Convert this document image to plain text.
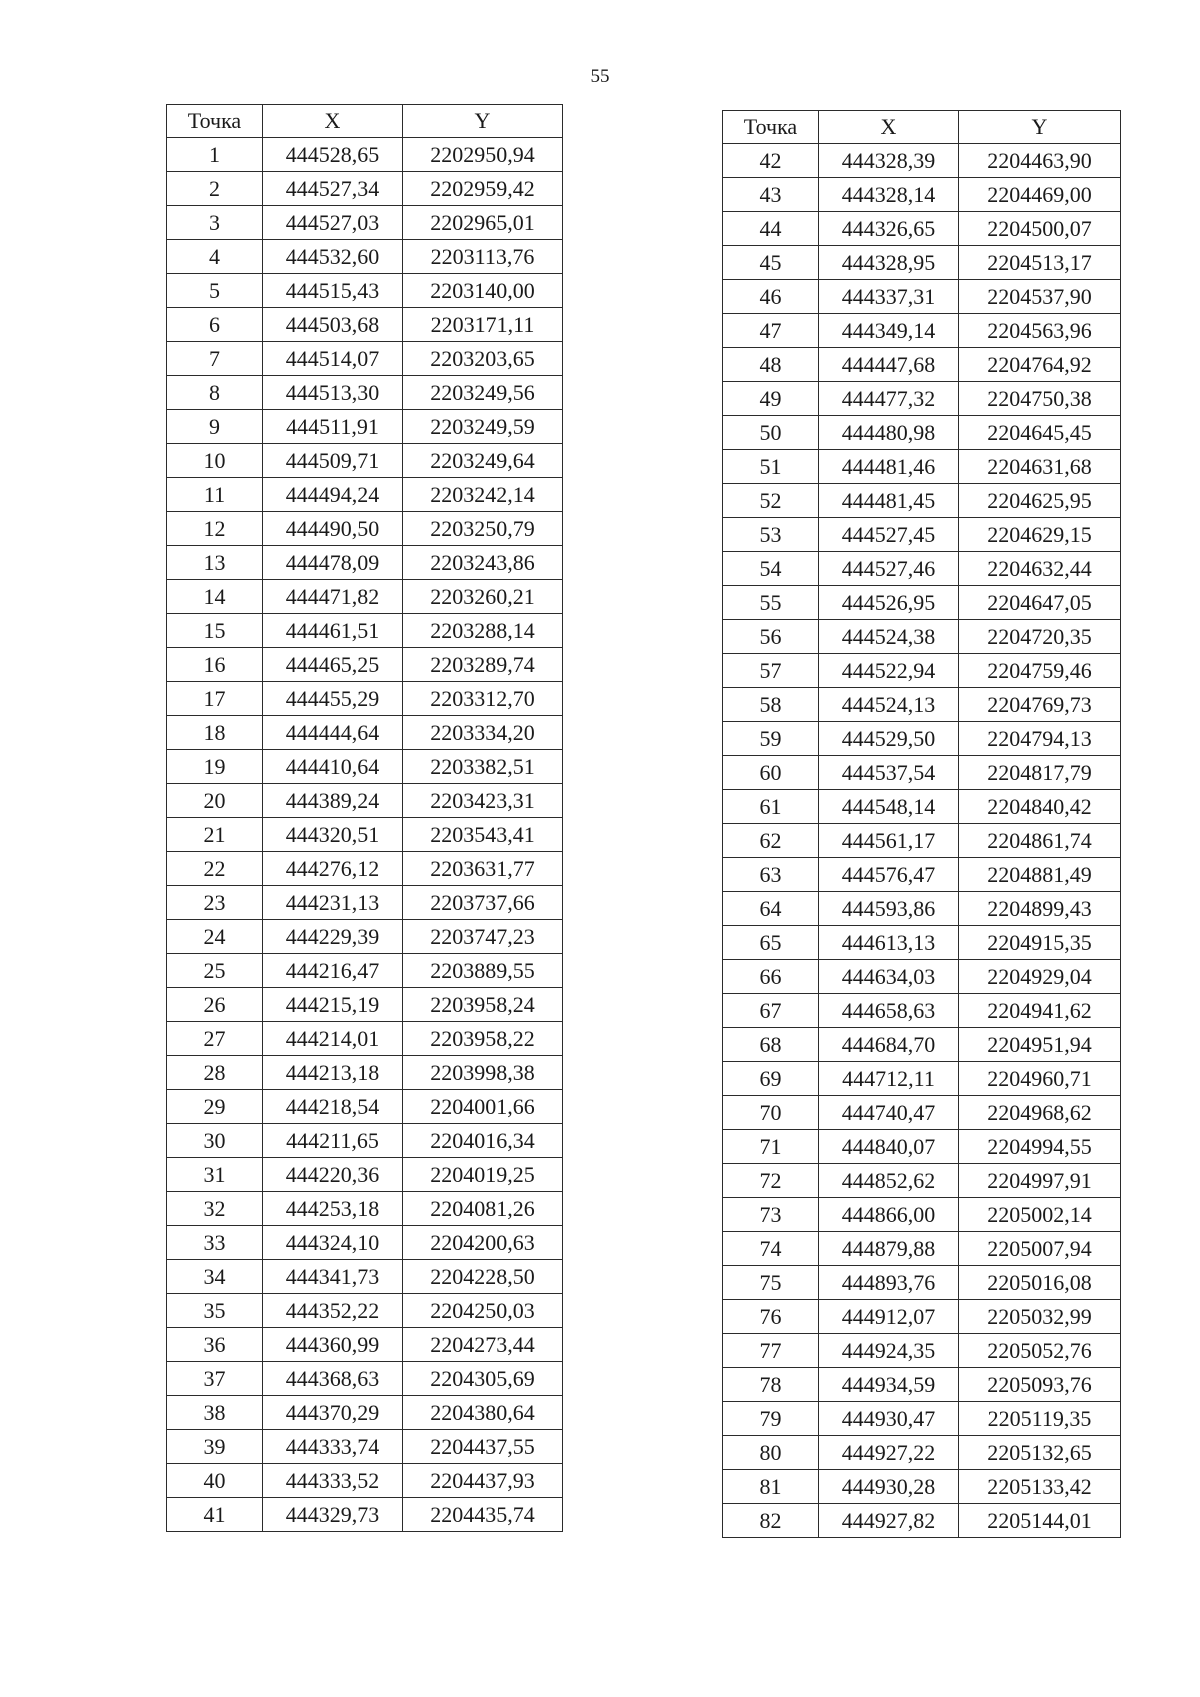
55
Точка	X	Y
1	444528,65	2202950,94
2	444527,34	2202959,42
3	444527,03	2202965,01
4	444532,60	2203113,76
5	444515,43	2203140,00
6	444503,68	2203171,11
7	444514,07	2203203,65
8	444513,30	2203249,56
9	444511,91	2203249,59
10	444509,71	2203249,64
11	444494,24	2203242,14
12	444490,50	2203250,79
13	444478,09	2203243,86
14	444471,82	2203260,21
15	444461,51	2203288,14
16	444465,25	2203289,74
17	444455,29	2203312,70
18	444444,64	2203334,20
19	444410,64	2203382,51
20	444389,24	2203423,31
21	444320,51	2203543,41
22	444276,12	2203631,77
23	444231,13	2203737,66
24	444229,39	2203747,23
25	444216,47	2203889,55
26	444215,19	2203958,24
27	444214,01	2203958,22
28	444213,18	2203998,38
29	444218,54	2204001,66
30	444211,65	2204016,34
31	444220,36	2204019,25
32	444253,18	2204081,26
33	444324,10	2204200,63
34	444341,73	2204228,50
35	444352,22	2204250,03
36	444360,99	2204273,44
37	444368,63	2204305,69
38	444370,29	2204380,64
39	444333,74	2204437,55
40	444333,52	2204437,93
41	444329,73	2204435,74
Точка	X	Y
42	444328,39	2204463,90
43	444328,14	2204469,00
44	444326,65	2204500,07
45	444328,95	2204513,17
46	444337,31	2204537,90
47	444349,14	2204563,96
48	444447,68	2204764,92
49	444477,32	2204750,38
50	444480,98	2204645,45
51	444481,46	2204631,68
52	444481,45	2204625,95
53	444527,45	2204629,15
54	444527,46	2204632,44
55	444526,95	2204647,05
56	444524,38	2204720,35
57	444522,94	2204759,46
58	444524,13	2204769,73
59	444529,50	2204794,13
60	444537,54	2204817,79
61	444548,14	2204840,42
62	444561,17	2204861,74
63	444576,47	2204881,49
64	444593,86	2204899,43
65	444613,13	2204915,35
66	444634,03	2204929,04
67	444658,63	2204941,62
68	444684,70	2204951,94
69	444712,11	2204960,71
70	444740,47	2204968,62
71	444840,07	2204994,55
72	444852,62	2204997,91
73	444866,00	2205002,14
74	444879,88	2205007,94
75	444893,76	2205016,08
76	444912,07	2205032,99
77	444924,35	2205052,76
78	444934,59	2205093,76
79	444930,47	2205119,35
80	444927,22	2205132,65
81	444930,28	2205133,42
82	444927,82	2205144,01
